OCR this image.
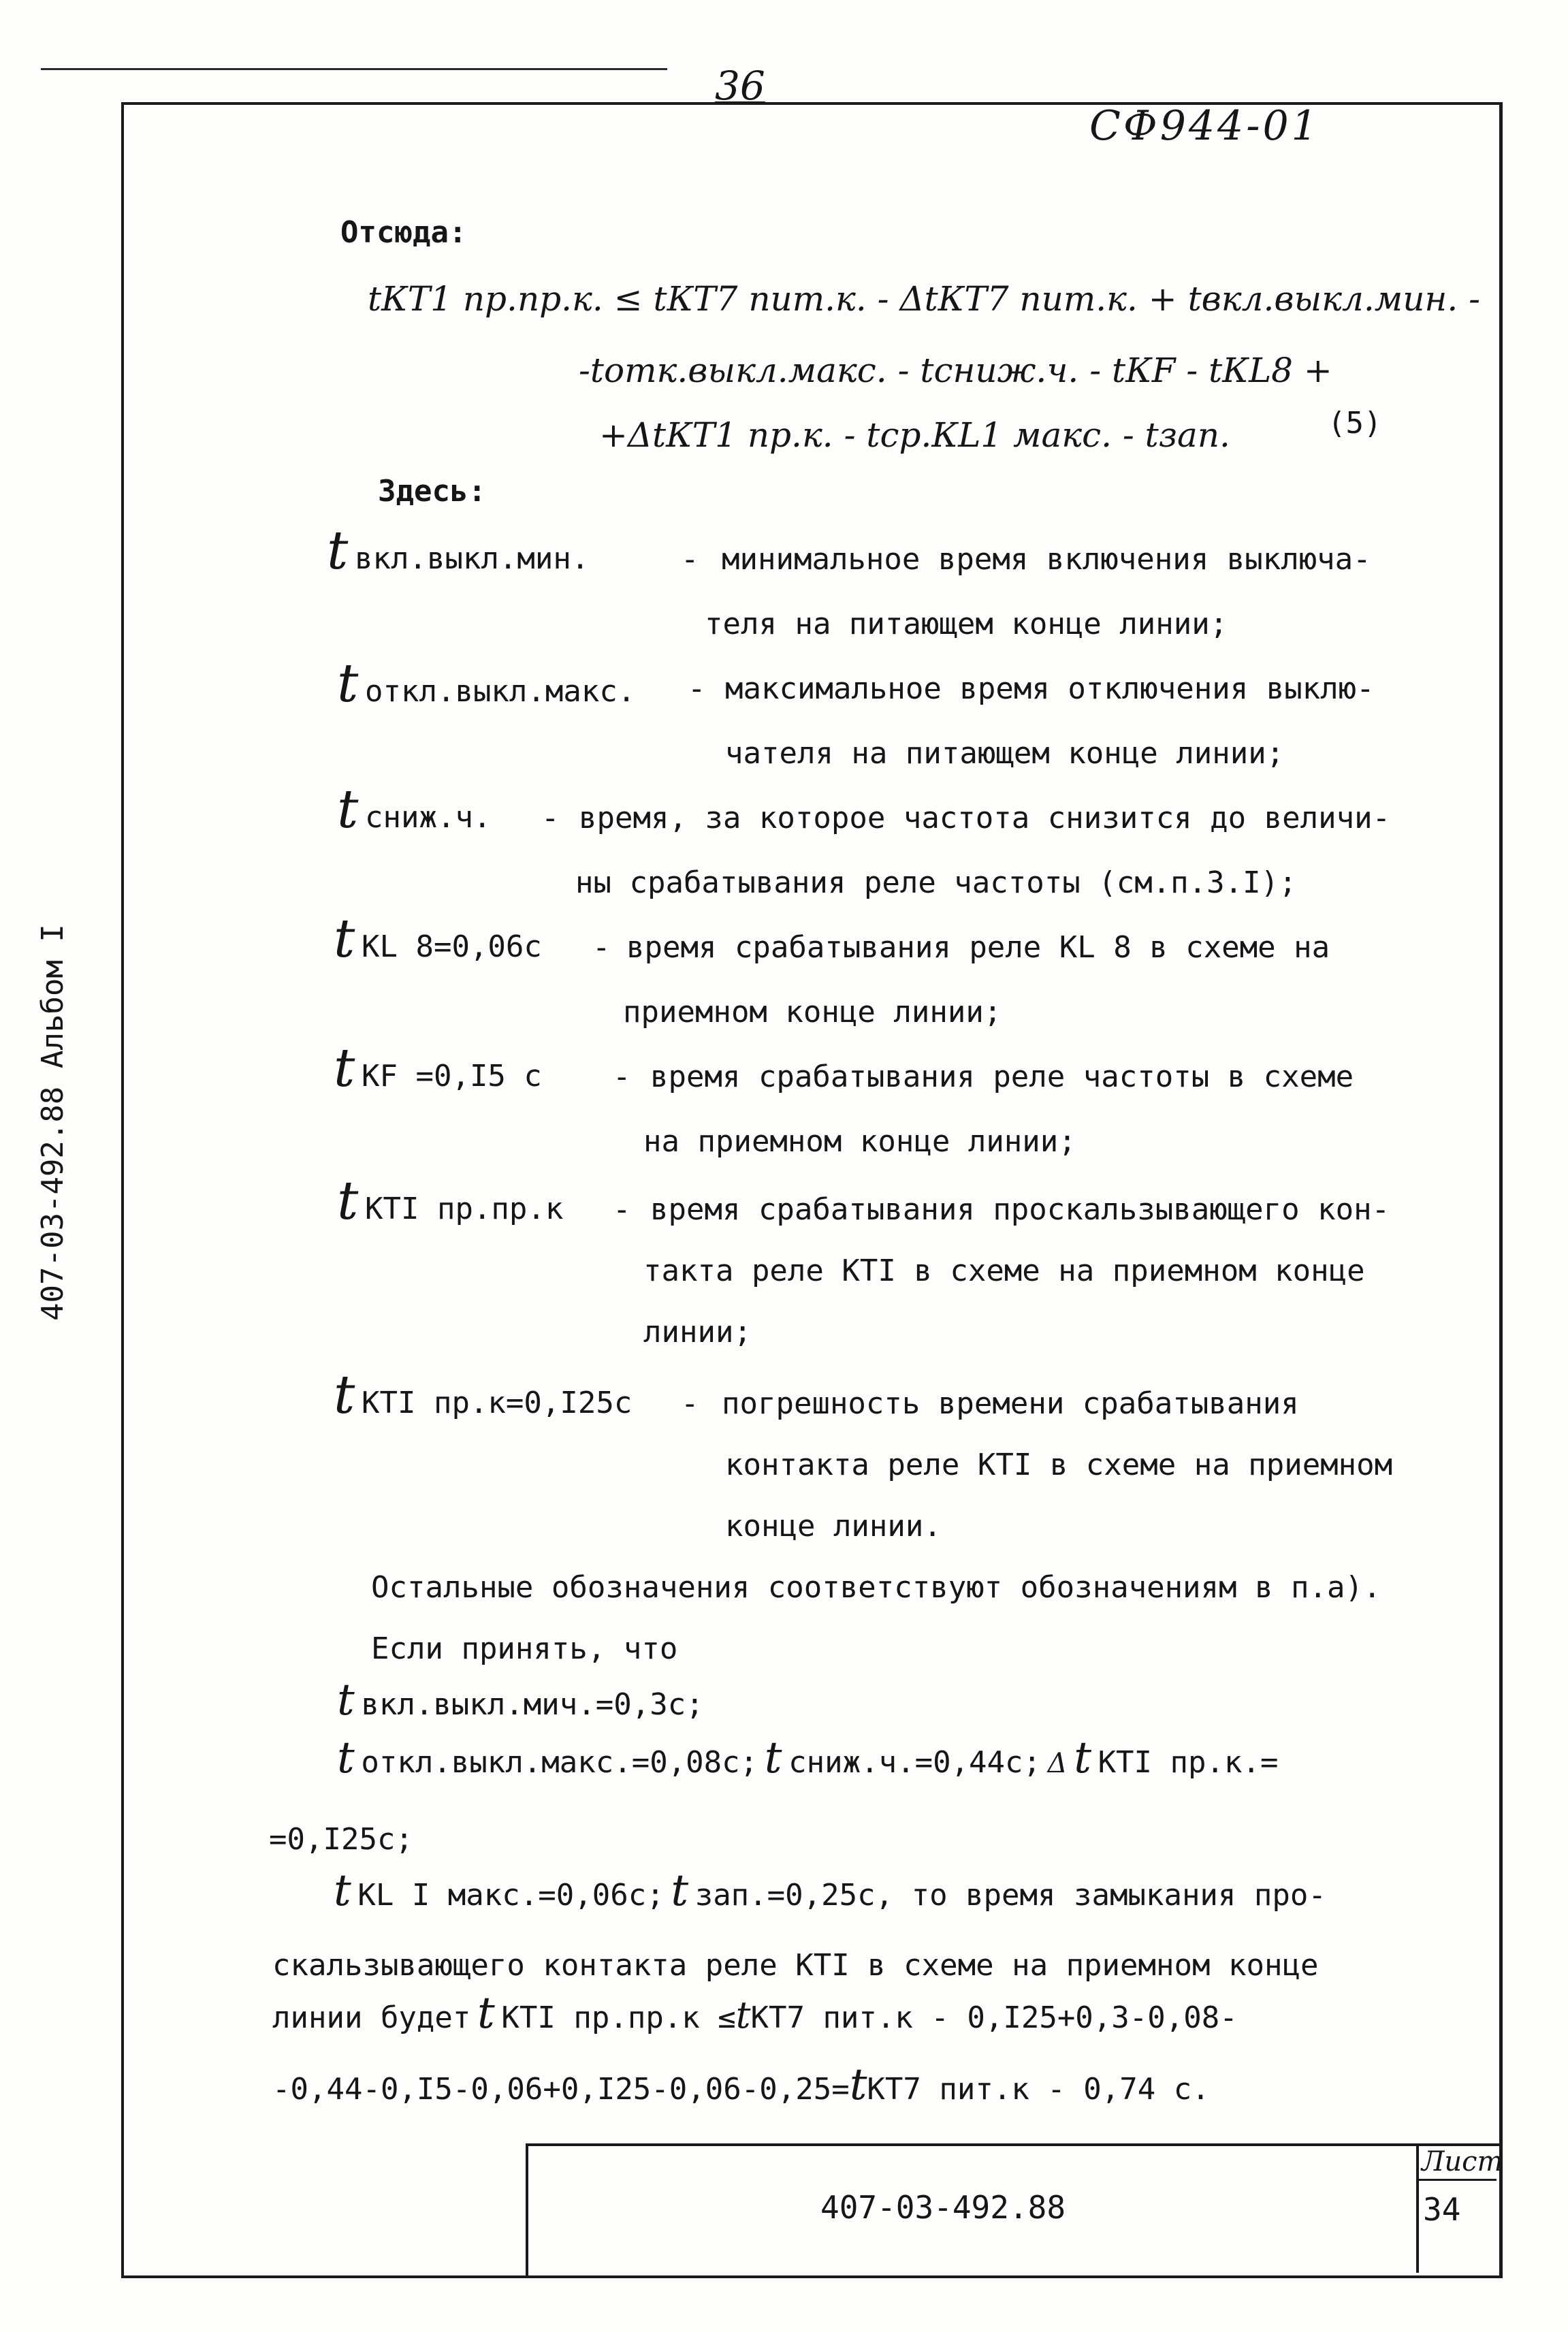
36
СФ944-01
407-03-492.88 Альбом I
Отсюда:
tКТ1 пр.пр.к. ≤ tКТ7 пит.к. - ΔtКТ7 пит.к. + tвкл.выкл.мин. -
-tотк.выкл.макс. - tсниж.ч. - tКF - tКL8 +
+ΔtКТ1 пр.к. - tср.КL1 макс. - tзап.	(5)
Здесь:
t вкл.выкл.мин.	- минимальное время включения выключа-
теля на питающем конце линии;
t откл.выкл.макс. - максимальное время отключения выклю-
чателя на питающем конце линии;
t сниж.ч. - время, за которое частота снизится до величи-
ны срабатывания реле частоты (см.п.3.I);
t КL 8=0,06с - время срабатывания реле КL 8 в схеме на
приемном конце линии;
t КF =0,I5 с - время срабатывания реле частоты в схеме
на приемном конце линии;
t КТI пр.пр.к - время срабатывания проскальзывающего кон-
такта реле КТI в схеме на приемном конце
линии;
t КТI пр.к=0,I25с - погрешность времени срабатывания
контакта реле КТI в схеме на приемном
конце линии.
Остальные обозначения соответствуют обозначениям в п.а).
Если принять, что
t вкл.выкл.мич.=0,3с;
t откл.выкл.макс.=0,08с; t сниж.ч.=0,44с; Δ t КТI пр.к.=
=0,I25с;
t КL I макс.=0,06с; t зап.=0,25с, то время замыкания про-
скальзывающего контакта реле КТI в схеме на приемном конце
линии будет t КТI пр.пр.к ≤tКТ7 пит.к - 0,I25+0,3-0,08-
-0,44-0,I5-0,06+0,I25-0,06-0,25=tКТ7 пит.к - 0,74 с.
407-03-492.88
Лист
34
